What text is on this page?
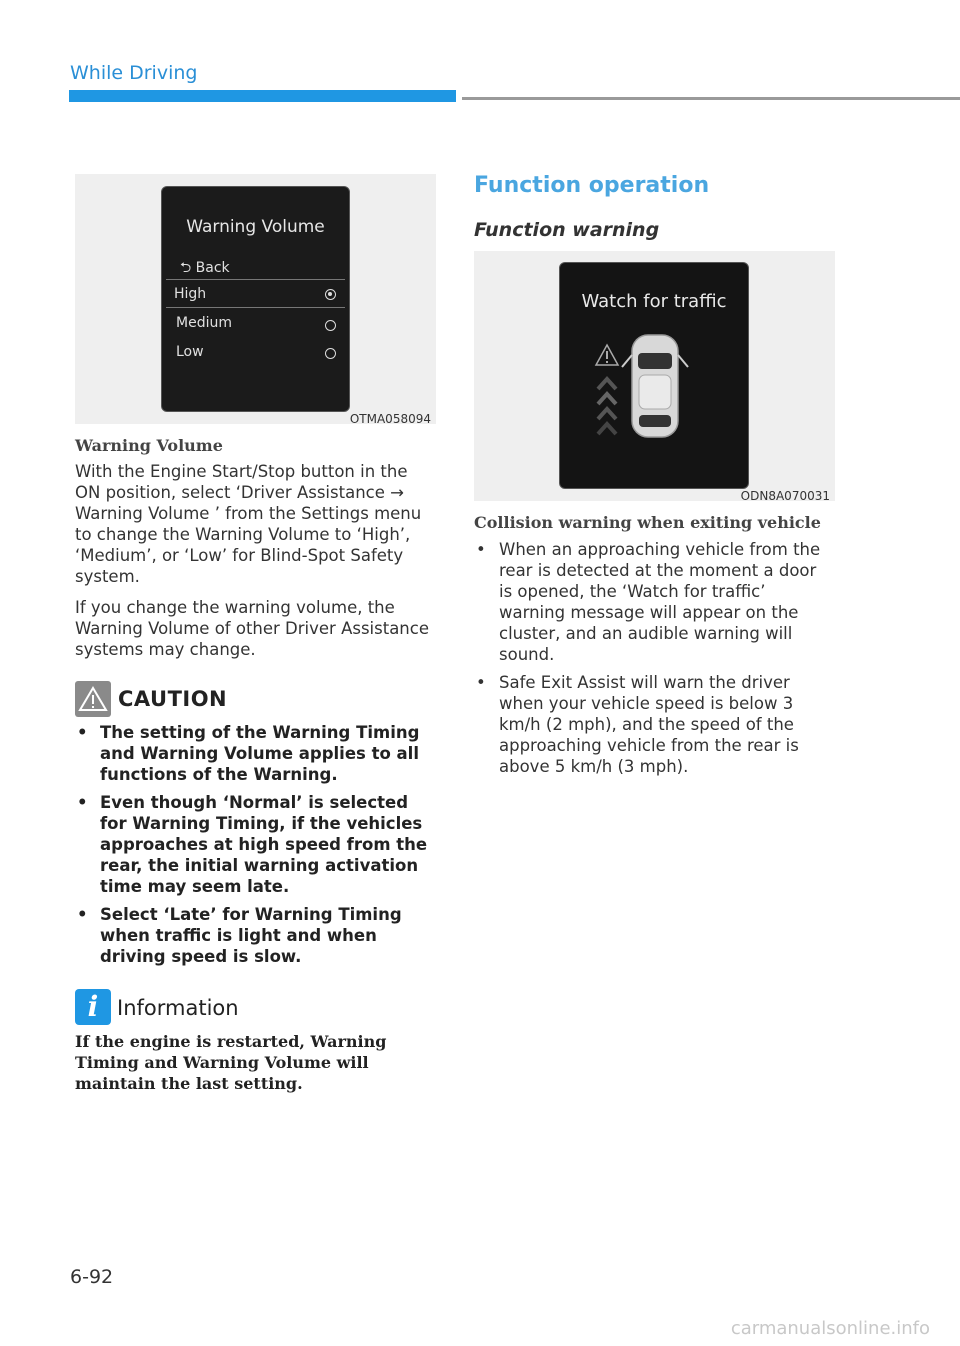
While Driving
Warning Volume
⮌ Back
High
Medium
Low
OTMA058094
Warning Volume

With the Engine Start/Stop button in the ON position, select ‘Driver Assistance → Warning Volume ’ from the Settings menu to change the Warning Volume to ‘High’, ‘Medium’, or ‘Low’ for Blind-Spot Safety system.

If you change the warning volume, the Warning Volume of other Driver Assistance systems may change.

CAUTION
• The setting of the Warning Timing and Warning Volume applies to all functions of the Warning.
• Even though ‘Normal’ is selected for Warning Timing, if the vehicles approaches at high speed from the rear, the initial warning activation time may seem late.
• Select ‘Late’ for Warning Timing when traffic is light and when driving speed is slow.
i Information
If the engine is restarted, Warning Timing and Warning Volume will maintain the last setting.
Function operation
Function warning
Watch for traffic
ODN8A070031
Collision warning when exiting vehicle
• When an approaching vehicle from the rear is detected at the moment a door is opened, the ‘Watch for traffic’ warning message will appear on the cluster, and an audible warning will sound.
• Safe Exit Assist will warn the driver when your vehicle speed is below 3 km/h (2 mph), and the speed of the approaching vehicle from the rear is above 5 km/h (3 mph).
6-92
carmanualsonline.info
